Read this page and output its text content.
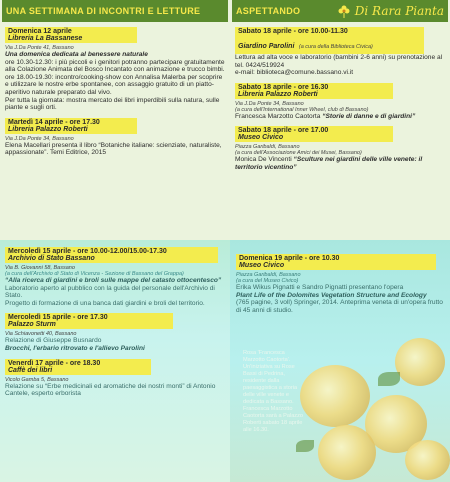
UNA SETTIMANA DI INCONTRI E LETTURE
Domenica 12 aprile
Libreria La Bassanese
Via J.Da Ponte 41, Bassano
Una domenica dedicata al benessere naturale
ore 10.30-12.30: i più piccoli e i genitori potranno partecipare gratuitamente alla Colazione Animata del Bosco Incantato con animazione e trucco bimbi.
ore 18.00-19.30: incontro/cooking-show con Annalisa Malerba per scoprire e utilizzare le nostre erbe spontanee, con assaggio gratuito di un piatto-aperitivo naturale preparato dal vivo.
Per tutta la giornata: mostra mercato dei libri imperdibili sulla natura, sulle piante e sugli orti.
Martedì 14 aprile - ore 17.30
Libreria Palazzo Roberti
Via J.Da Ponte 34, Bassano
Elena Macellari presenta il libro “Botaniche italiane: scienziate, naturaliste, appassionate”. Temi Editrice, 2015
Mercoledì 15 aprile - ore 10.00-12.00/15.00-17.30
Archivio di Stato Bassano
Via B. Giovanni 58, Bassano
(a cura dell'Archivio di Stato di Vicenza - Sezione di Bassano del Grappa)
“Alla ricerca di giardini e broli sulle mappe del catasto ottocentesco”
Laboratorio aperto al pubblico con la guida del personale dell'Archivio di Stato.
Progetto di formazione di una banca dati giardini e broli del territorio.
Mercoledì 15 aprile - ore 17.30
Palazzo Sturm
Via Schiavonetti 40, Bassano
Relazione di Giuseppe Busnardo
Brocchi, l'erbario ritrovato e l'allievo Parolini
Venerdì 17 aprile - ore 18.30
Caffè dei libri
Vicolo Gamba 5, Bassano
Relazione su “Erbe medicinali ed aromatiche dei nostri monti” di Antonio Cantele, esperto erborista
ASPETTANDO	Di Rara Pianta
Sabato 18 aprile - ore 10.00-11.30
Giardino Parolini (a cura della Biblioteca Civica)
Lettura ad alta voce e laboratorio (bambini 2-6 anni) su prenotazione al tel. 0424/519924
e-mail: biblioteca@comune.bassano.vi.it
Sabato 18 aprile - ore 16.30
Libreria Palazzo Roberti
Via J.Da Ponte 34, Bassano
(a cura dell'International Inner Wheel, club di Bassano)
Francesca Marzotto Caotorta “Storie di danne e di giardini”
Sabato 18 aprile - ore 17.00
Museo Civico
Piazza Garibaldi, Bassano
(a cura dell'Associazione Amici dei Musei, Bassano)
Monica De Vincenti “Sculture nei giardini delle ville venete: il territorio vicentino”
Domenica 19 aprile - ore 10.30
Museo Civico
Piazza Garibaldi, Bassano
(a cura del Museo Civico)
Erika Wikus Pignatti e Sandro Pignatti presentano l'opera
Plant Life of the Dolomites Vegetation Structure and Ecology
(765 pagine, 3 voll) Springer, 2014. Anteprima veneta di un'opera frutto di 45 anni di studio.
Rosa 'Francesca Marzotto Caotorta'. Un'iniziativa su Rose Bassi di Pedrina, residente dalla paesaggistica a storia delle ville venete e dedicata a Bassano. Francesca Marzotto Caotorta sarà a Palazzo Roberti sabato 18 aprile alle 16.30.
